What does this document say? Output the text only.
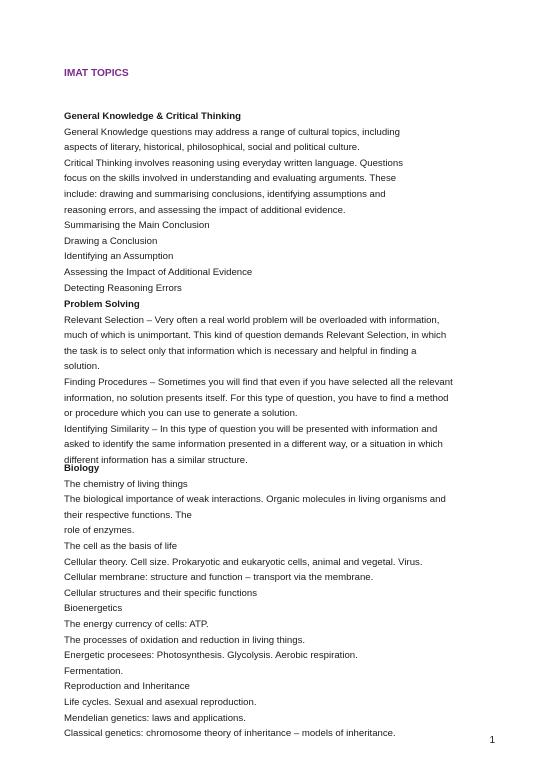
IMAT TOPICS
General Knowledge & Critical Thinking
General Knowledge questions may address a range of cultural topics, including
aspects of literary, historical, philosophical, social and political culture.
Critical Thinking involves reasoning using everyday written language. Questions
focus on the skills involved in understanding and evaluating arguments. These
include: drawing and summarising conclusions, identifying assumptions and
reasoning errors, and assessing the impact of additional evidence.
Summarising the Main Conclusion
Drawing a Conclusion
Identifying an Assumption
Assessing the Impact of Additional Evidence
Detecting Reasoning Errors
Problem Solving
Relevant Selection – Very often a real world problem will be overloaded with information,
much of which is unimportant. This kind of question demands Relevant Selection, in which
the task is to select only that information which is necessary and helpful in finding a
solution.
Finding Procedures – Sometimes you will find that even if you have selected all the relevant
information, no solution presents itself. For this type of question, you have to find a method
or procedure which you can use to generate a solution.
Identifying Similarity – In this type of question you will be presented with information and
asked to identify the same information presented in a different way, or a situation in which
different information has a similar structure.
Biology
The chemistry of living things
The biological importance of weak interactions. Organic molecules in living organisms and
their respective functions. The
role of enzymes.
The cell as the basis of life
Cellular theory. Cell size. Prokaryotic and eukaryotic cells, animal and vegetal. Virus.
Cellular membrane: structure and function – transport via the membrane.
Cellular structures and their specific functions
Bioenergetics
The energy currency of cells: ATP.
The processes of oxidation and reduction in living things.
Energetic procesees: Photosynthesis. Glycolysis. Aerobic respiration.
Fermentation.
Reproduction and Inheritance
Life cycles. Sexual and asexual reproduction.
Mendelian genetics: laws and applications.
Classical genetics: chromosome theory of inheritance – models of inheritance.
1
